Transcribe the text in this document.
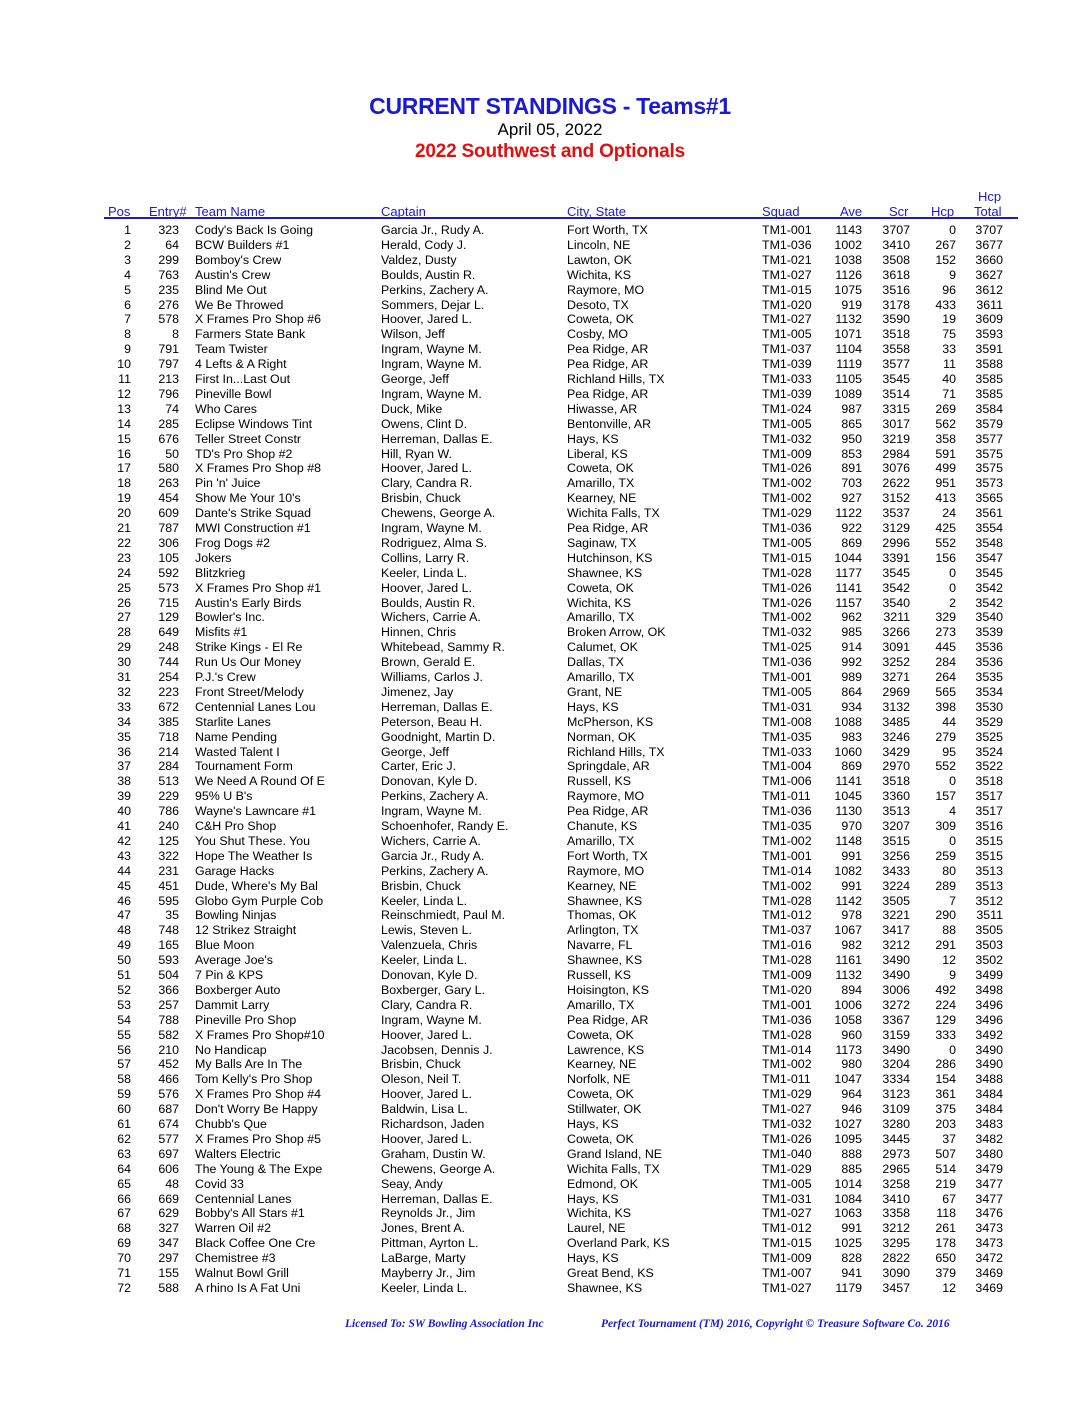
CURRENT STANDINGS - Teams#1
April 05, 2022
2022 Southwest and Optionals
Pos Entry# Team Name	Captain	City, State	Squad	Ave Scr Hcp
Hcp
Total
1 323 Cody's Back Is Going	Garcia Jr., Rudy A.	Fort Worth, TX	TM1-001 1143 3707	0 3707
2	64 BCW Builders #1	Herald, Cody J.	Lincoln, NE	TM1-036 1002 3410 267 3677
3 299 Bomboy's Crew	Valdez, Dusty	Lawton, OK	TM1-021 1038 3508 152 3660
4 763 Austin's Crew	Boulds, Austin R.	Wichita, KS	TM1-027 1126 3618	9 3627
5 235 Blind Me Out	Perkins, Zachery A.	Raymore, MO	TM1-015 1075 3516	96 3612
6 276 We Be Throwed	Sommers, Dejar L.	Desoto, TX	TM1-020 919 3178 433 3611
7 578 X Frames Pro Shop #6	Hoover, Jared L.	Coweta, OK	TM1-027 1132 3590	19 3609
8	8 Farmers State Bank	Wilson, Jeff	Cosby, MO	TM1-005 1071 3518	75 3593
9 791 Team Twister	Ingram, Wayne M.	Pea Ridge, AR	TM1-037 1104 3558	33 3591
10 797 4 Lefts & A Right	Ingram, Wayne M.	Pea Ridge, AR	TM1-039 1119 3577	11 3588
11 213 First In...Last Out	George, Jeff	Richland Hills, TX	TM1-033 1105 3545	40 3585
12 796 Pineville Bowl	Ingram, Wayne M.	Pea Ridge, AR	TM1-039 1089 3514	71 3585
13	74 Who Cares	Duck, Mike	Hiwasse, AR	TM1-024 987 3315 269 3584
14 285 Eclipse Windows Tint	Owens, Clint D.	Bentonville, AR	TM1-005 865 3017 562 3579
15 676 Teller Street Constr	Herreman, Dallas E.	Hays, KS	TM1-032 950 3219 358 3577
16	50 TD's Pro Shop #2	Hill, Ryan W.	Liberal, KS	TM1-009 853 2984 591 3575
17 580 X Frames Pro Shop #8	Hoover, Jared L.	Coweta, OK	TM1-026 891 3076 499 3575
18 263 Pin 'n' Juice	Clary, Candra R.	Amarillo, TX	TM1-002 703 2622 951 3573
19 454 Show Me Your 10's	Brisbin, Chuck	Kearney, NE	TM1-002 927 3152 413 3565
20 609 Dante's Strike Squad	Chewens, George A.	Wichita Falls, TX	TM1-029 1122 3537	24 3561
21 787 MWI Construction #1	Ingram, Wayne M.	Pea Ridge, AR	TM1-036 922 3129 425 3554
22 306 Frog Dogs #2	Rodriguez, Alma S.	Saginaw, TX	TM1-005 869 2996 552 3548
23 105 Jokers	Collins, Larry R.	Hutchinson, KS	TM1-015 1044 3391 156 3547
24 592 Blitzkrieg	Keeler, Linda L.	Shawnee, KS	TM1-028 1177 3545	0 3545
25 573 X Frames Pro Shop #1	Hoover, Jared L.	Coweta, OK	TM1-026 1141 3542	0 3542
26 715 Austin's Early Birds	Boulds, Austin R.	Wichita, KS	TM1-026 1157 3540	2 3542
27 129 Bowler's Inc.	Wichers, Carrie A.	Amarillo, TX	TM1-002 962 3211 329 3540
28 649 Misfits #1	Hinnen, Chris	Broken Arrow, OK	TM1-032 985 3266 273 3539
29 248 Strike Kings - El Re	Whitebead, Sammy R.	Calumet, OK	TM1-025 914 3091 445 3536
30 744 Run Us Our Money	Brown, Gerald E.	Dallas, TX	TM1-036 992 3252 284 3536
31 254 P.J.'s Crew	Williams, Carlos J.	Amarillo, TX	TM1-001 989 3271 264 3535
32 223 Front Street/Melody	Jimenez, Jay	Grant, NE	TM1-005 864 2969 565 3534
33 672 Centennial Lanes Lou	Herreman, Dallas E.	Hays, KS	TM1-031 934 3132 398 3530
34 385 Starlite Lanes	Peterson, Beau H.	McPherson, KS	TM1-008 1088 3485	44 3529
35 718 Name Pending	Goodnight, Martin D.	Norman, OK	TM1-035 983 3246 279 3525
36 214 Wasted Talent I	George, Jeff	Richland Hills, TX	TM1-033 1060 3429	95 3524
37 284 Tournament Form	Carter, Eric J.	Springdale, AR	TM1-004 869 2970 552 3522
38 513 We Need A Round Of E	Donovan, Kyle D.	Russell, KS	TM1-006 1141 3518	0 3518
39 229 95% U B's	Perkins, Zachery A.	Raymore, MO	TM1-011 1045 3360 157 3517
40 786 Wayne's Lawncare #1	Ingram, Wayne M.	Pea Ridge, AR	TM1-036 1130 3513	4 3517
41 240 C&H Pro Shop	Schoenhofer, Randy E.	Chanute, KS	TM1-035 970 3207 309 3516
42 125 You Shut These. You	Wichers, Carrie A.	Amarillo, TX	TM1-002 1148 3515	0 3515
43 322 Hope The Weather Is	Garcia Jr., Rudy A.	Fort Worth, TX	TM1-001 991 3256 259 3515
44 231 Garage Hacks	Perkins, Zachery A.	Raymore, MO	TM1-014 1082 3433	80 3513
45 451 Dude, Where's My Bal	Brisbin, Chuck	Kearney, NE	TM1-002 991 3224 289 3513
46 595 Globo Gym Purple Cob	Keeler, Linda L.	Shawnee, KS	TM1-028 1142 3505	7 3512
47	35 Bowling Ninjas	Reinschmiedt, Paul M.	Thomas, OK	TM1-012 978 3221 290 3511
48 748 12 Strikez Straight	Lewis, Steven L.	Arlington, TX	TM1-037 1067 3417	88 3505
49 165 Blue Moon	Valenzuela, Chris	Navarre, FL	TM1-016 982 3212 291 3503
50 593 Average Joe's	Keeler, Linda L.	Shawnee, KS	TM1-028 1161 3490	12 3502
51 504 7 Pin & KPS	Donovan, Kyle D.	Russell, KS	TM1-009 1132 3490	9 3499
52 366 Boxberger Auto	Boxberger, Gary L.	Hoisington, KS	TM1-020 894 3006 492 3498
53 257 Dammit Larry	Clary, Candra R.	Amarillo, TX	TM1-001 1006 3272 224 3496
54 788 Pineville Pro Shop	Ingram, Wayne M.	Pea Ridge, AR	TM1-036 1058 3367 129 3496
55 582 X Frames Pro Shop#10	Hoover, Jared L.	Coweta, OK	TM1-028 960 3159 333 3492
56 210 No Handicap	Jacobsen, Dennis J.	Lawrence, KS	TM1-014 1173 3490	0 3490
57 452 My Balls Are In The	Brisbin, Chuck	Kearney, NE	TM1-002 980 3204 286 3490
58 466 Tom Kelly's Pro Shop	Oleson, Neil T.	Norfolk, NE	TM1-011 1047 3334 154 3488
59 576 X Frames Pro Shop #4	Hoover, Jared L.	Coweta, OK	TM1-029 964 3123 361 3484
60 687 Don't Worry Be Happy	Baldwin, Lisa L.	Stillwater, OK	TM1-027 946 3109 375 3484
61 674 Chubb's Que	Richardson, Jaden	Hays, KS	TM1-032 1027 3280 203 3483
62 577 X Frames Pro Shop #5	Hoover, Jared L.	Coweta, OK	TM1-026 1095 3445	37 3482
63 697 Walters Electric	Graham, Dustin W.	Grand Island, NE	TM1-040 888 2973 507 3480
64 606 The Young & The Expe	Chewens, George A.	Wichita Falls, TX	TM1-029 885 2965 514 3479
65	48 Covid 33	Seay, Andy	Edmond, OK	TM1-005 1014 3258 219 3477
66 669 Centennial Lanes	Herreman, Dallas E.	Hays, KS	TM1-031 1084 3410	67 3477
67 629 Bobby's All Stars #1	Reynolds Jr., Jim	Wichita, KS	TM1-027 1063 3358 118 3476
68 327 Warren Oil #2	Jones, Brent A.	Laurel, NE	TM1-012 991 3212 261 3473
69 347 Black Coffee One Cre	Pittman, Ayrton L.	Overland Park, KS	TM1-015 1025 3295 178 3473
70 297 Chemistree #3	LaBarge, Marty	Hays, KS	TM1-009 828 2822 650 3472
71 155 Walnut Bowl Grill	Mayberry Jr., Jim	Great Bend, KS	TM1-007 941 3090 379 3469
72 588 A rhino Is A Fat Uni	Keeler, Linda L.	Shawnee, KS	TM1-027 1179 3457	12 3469
Licensed To: SW Bowling Association Inc	Perfect Tournament (TM) 2016, Copyright © Treasure Software Co. 2016
